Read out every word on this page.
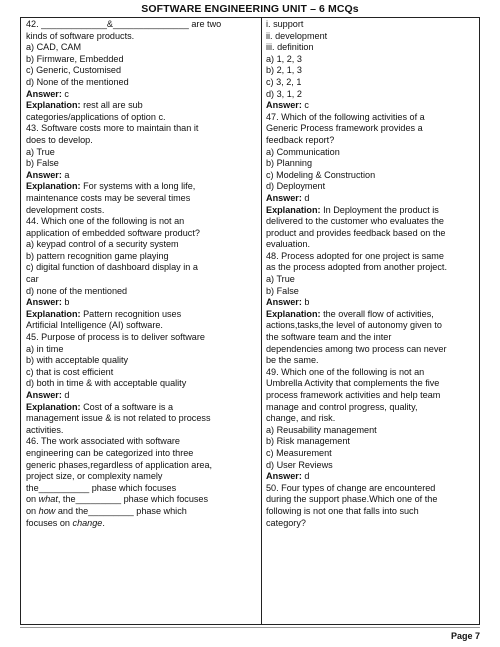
SOFTWARE ENGINEERING UNIT – 6 MCQs
42. _____________&_______________ are two
kinds of software products.
a) CAD, CAM
b) Firmware, Embedded
c) Generic, Customised
d) None of the mentioned
Answer: c
Explanation: rest all are sub
categories/applications of option c.
43. Software costs more to maintain than it
does to develop.
a) True
b) False
Answer: a
Explanation: For systems with a long life,
maintenance costs may be several times
development costs.
44. Which one of the following is not an
application of embedded software product?
a) keypad control of a security system
b) pattern recognition game playing
c) digital function of dashboard display in a
car
d) none of the mentioned
Answer: b
Explanation: Pattern recognition uses
Artificial Intelligence (AI) software.
45. Purpose of process is to deliver software
a) in time
b) with acceptable quality
c) that is cost efficient
d) both in time & with acceptable quality
Answer: d
Explanation: Cost of a software is a
management issue & is not related to process
activities.
46. The work associated with software
engineering can be categorized into three
generic phases,regardless of application area,
project size, or complexity namely
the__________ phase which focuses
on what, the_________ phase which focuses
on how and the_________ phase which
focuses on change.
i. support
ii. development
iii. definition
a) 1, 2, 3
b) 2, 1, 3
c) 3, 2, 1
d) 3, 1, 2
Answer: c
47. Which of the following activities of a
Generic Process framework provides a
feedback report?
a) Communication
b) Planning
c) Modeling & Construction
d) Deployment
Answer: d
Explanation: In Deployment the product is
delivered to the customer who evaluates the
product and provides feedback based on the
evaluation.
48. Process adopted for one project is same
as the process adopted from another project.
a) True
b) False
Answer: b
Explanation: the overall flow of activities,
actions,tasks,the level of autonomy given to
the software team and the inter
dependencies among two process can never
be the same.
49. Which one of the following is not an
Umbrella Activity that complements the five
process framework activities and help team
manage and control progress, quality,
change, and risk.
a) Reusability management
b) Risk management
c) Measurement
d) User Reviews
Answer: d
50. Four types of change are encountered
during the support phase.Which one of the
following is not one that falls into such
category?
Page 7
